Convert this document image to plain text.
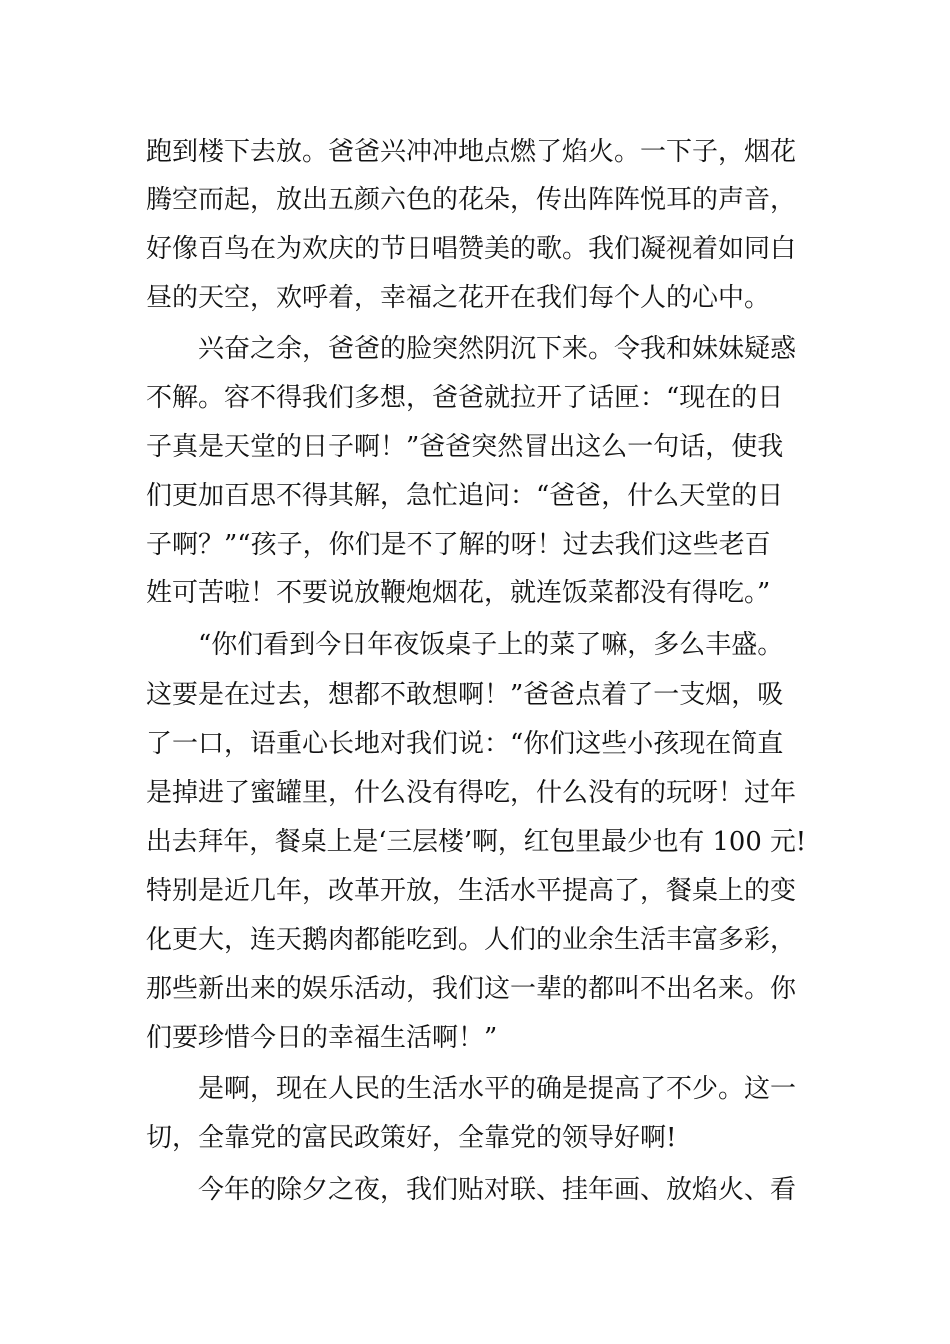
跑到楼下去放。爸爸兴冲冲地点燃了焰火。一下子，烟花
腾空而起，放出五颜六色的花朵，传出阵阵悦耳的声音，
好像百鸟在为欢庆的节日唱赞美的歌。我们凝视着如同白
昼的天空，欢呼着，幸福之花开在我们每个人的心中。
兴奋之余，爸爸的脸突然阴沉下来。令我和妹妹疑惑
不解。容不得我们多想，爸爸就拉开了话匣：“现在的日
子真是天堂的日子啊！”爸爸突然冒出这么一句话，使我
们更加百思不得其解，急忙追问：“爸爸，什么天堂的日
子啊？”“孩子，你们是不了解的呀！过去我们这些老百
姓可苦啦！不要说放鞭炮烟花，就连饭菜都没有得吃。”
“你们看到今日年夜饭桌子上的菜了嘛，多么丰盛。
这要是在过去，想都不敢想啊！”爸爸点着了一支烟，吸
了一口，语重心长地对我们说：“你们这些小孩现在简直
是掉进了蜜罐里，什么没有得吃，什么没有的玩呀！过年
出去拜年，餐桌上是‘三层楼’啊，红包里最少也有 100 元!
特别是近几年，改革开放，生活水平提高了，餐桌上的变
化更大，连天鹅肉都能吃到。人们的业余生活丰富多彩，
那些新出来的娱乐活动，我们这一辈的都叫不出名来。你
们要珍惜今日的幸福生活啊！”
是啊，现在人民的生活水平的确是提高了不少。这一
切，全靠党的富民政策好，全靠党的领导好啊!
今年的除夕之夜，我们贴对联、挂年画、放焰火、看
